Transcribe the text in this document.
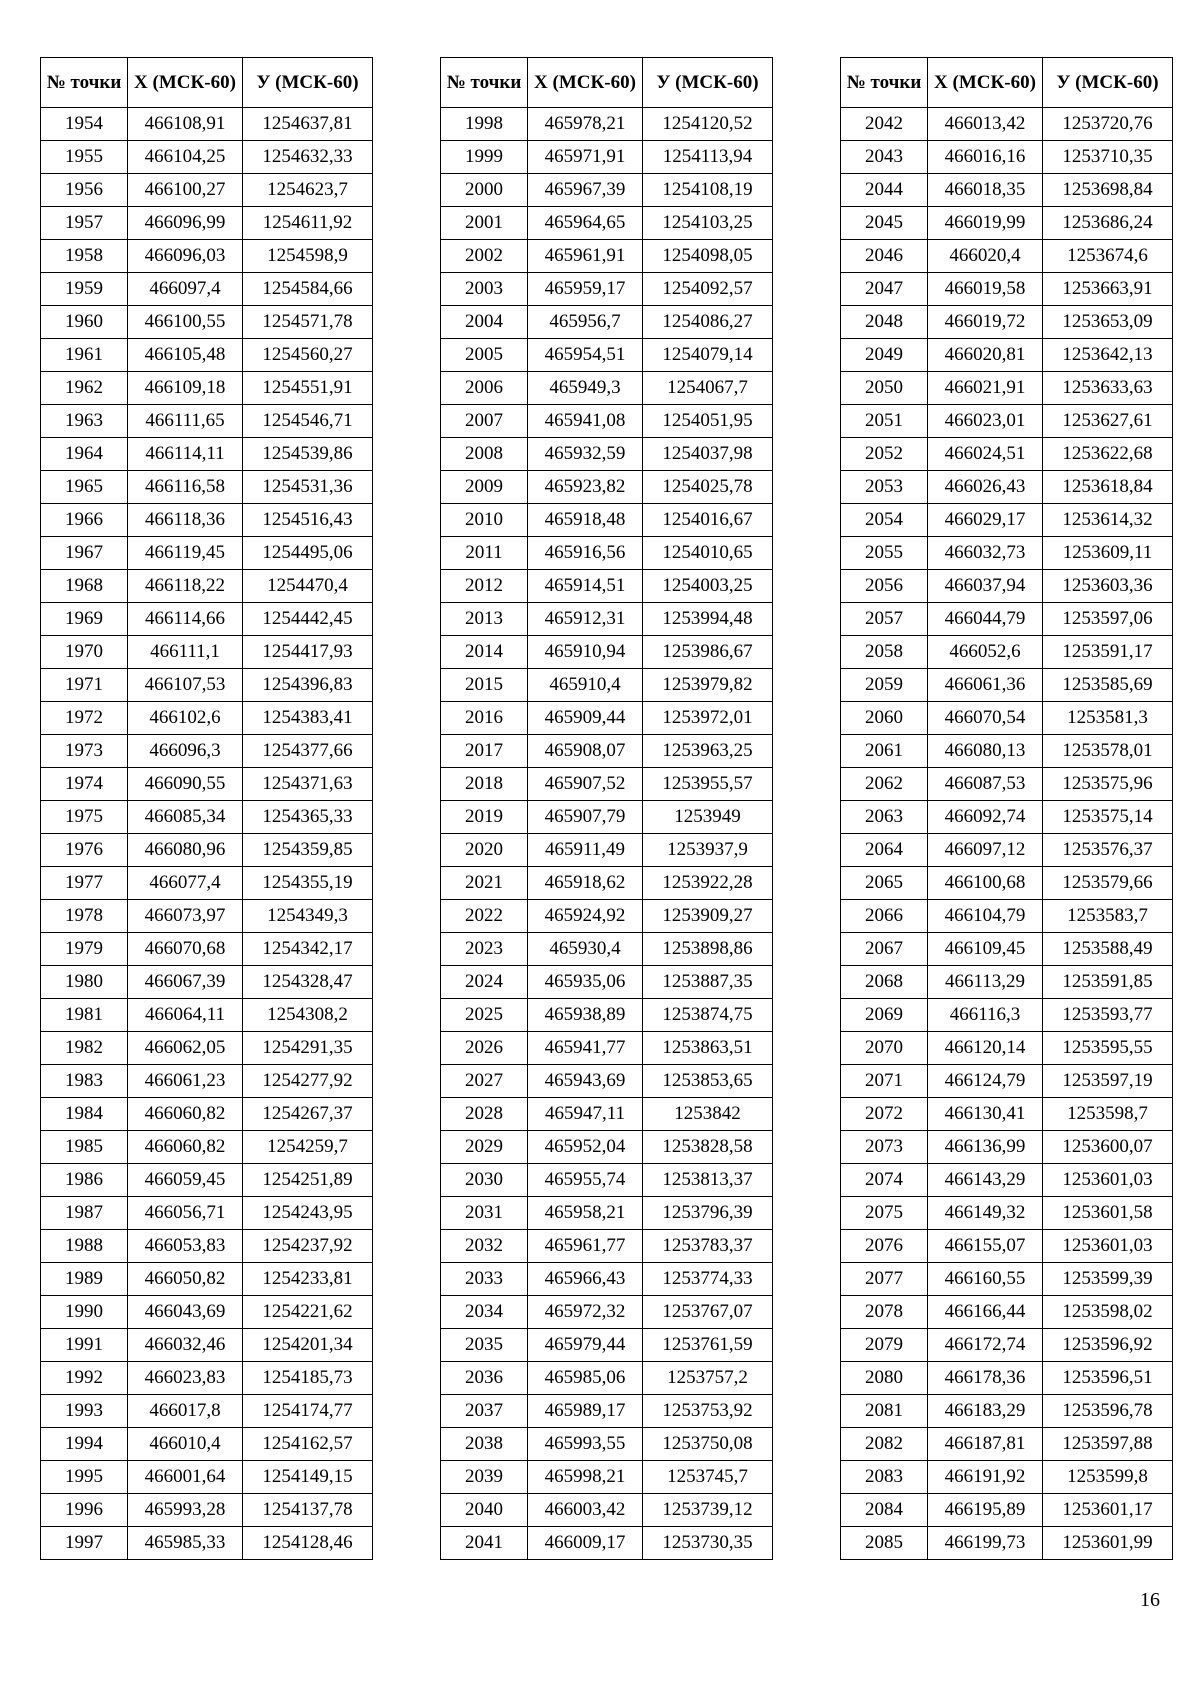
№ точки	Х (МСК-60)	У (МСК-60)
1954	466108,91	1254637,81
1955	466104,25	1254632,33
1956	466100,27	1254623,7
1957	466096,99	1254611,92
1958	466096,03	1254598,9
1959	466097,4	1254584,66
1960	466100,55	1254571,78
1961	466105,48	1254560,27
1962	466109,18	1254551,91
1963	466111,65	1254546,71
1964	466114,11	1254539,86
1965	466116,58	1254531,36
1966	466118,36	1254516,43
1967	466119,45	1254495,06
1968	466118,22	1254470,4
1969	466114,66	1254442,45
1970	466111,1	1254417,93
1971	466107,53	1254396,83
1972	466102,6	1254383,41
1973	466096,3	1254377,66
1974	466090,55	1254371,63
1975	466085,34	1254365,33
1976	466080,96	1254359,85
1977	466077,4	1254355,19
1978	466073,97	1254349,3
1979	466070,68	1254342,17
1980	466067,39	1254328,47
1981	466064,11	1254308,2
1982	466062,05	1254291,35
1983	466061,23	1254277,92
1984	466060,82	1254267,37
1985	466060,82	1254259,7
1986	466059,45	1254251,89
1987	466056,71	1254243,95
1988	466053,83	1254237,92
1989	466050,82	1254233,81
1990	466043,69	1254221,62
1991	466032,46	1254201,34
1992	466023,83	1254185,73
1993	466017,8	1254174,77
1994	466010,4	1254162,57
1995	466001,64	1254149,15
1996	465993,28	1254137,78
1997	465985,33	1254128,46
№ точки	Х (МСК-60)	У (МСК-60)
1998	465978,21	1254120,52
1999	465971,91	1254113,94
2000	465967,39	1254108,19
2001	465964,65	1254103,25
2002	465961,91	1254098,05
2003	465959,17	1254092,57
2004	465956,7	1254086,27
2005	465954,51	1254079,14
2006	465949,3	1254067,7
2007	465941,08	1254051,95
2008	465932,59	1254037,98
2009	465923,82	1254025,78
2010	465918,48	1254016,67
2011	465916,56	1254010,65
2012	465914,51	1254003,25
2013	465912,31	1253994,48
2014	465910,94	1253986,67
2015	465910,4	1253979,82
2016	465909,44	1253972,01
2017	465908,07	1253963,25
2018	465907,52	1253955,57
2019	465907,79	1253949
2020	465911,49	1253937,9
2021	465918,62	1253922,28
2022	465924,92	1253909,27
2023	465930,4	1253898,86
2024	465935,06	1253887,35
2025	465938,89	1253874,75
2026	465941,77	1253863,51
2027	465943,69	1253853,65
2028	465947,11	1253842
2029	465952,04	1253828,58
2030	465955,74	1253813,37
2031	465958,21	1253796,39
2032	465961,77	1253783,37
2033	465966,43	1253774,33
2034	465972,32	1253767,07
2035	465979,44	1253761,59
2036	465985,06	1253757,2
2037	465989,17	1253753,92
2038	465993,55	1253750,08
2039	465998,21	1253745,7
2040	466003,42	1253739,12
2041	466009,17	1253730,35
№ точки	Х (МСК-60)	У (МСК-60)
2042	466013,42	1253720,76
2043	466016,16	1253710,35
2044	466018,35	1253698,84
2045	466019,99	1253686,24
2046	466020,4	1253674,6
2047	466019,58	1253663,91
2048	466019,72	1253653,09
2049	466020,81	1253642,13
2050	466021,91	1253633,63
2051	466023,01	1253627,61
2052	466024,51	1253622,68
2053	466026,43	1253618,84
2054	466029,17	1253614,32
2055	466032,73	1253609,11
2056	466037,94	1253603,36
2057	466044,79	1253597,06
2058	466052,6	1253591,17
2059	466061,36	1253585,69
2060	466070,54	1253581,3
2061	466080,13	1253578,01
2062	466087,53	1253575,96
2063	466092,74	1253575,14
2064	466097,12	1253576,37
2065	466100,68	1253579,66
2066	466104,79	1253583,7
2067	466109,45	1253588,49
2068	466113,29	1253591,85
2069	466116,3	1253593,77
2070	466120,14	1253595,55
2071	466124,79	1253597,19
2072	466130,41	1253598,7
2073	466136,99	1253600,07
2074	466143,29	1253601,03
2075	466149,32	1253601,58
2076	466155,07	1253601,03
2077	466160,55	1253599,39
2078	466166,44	1253598,02
2079	466172,74	1253596,92
2080	466178,36	1253596,51
2081	466183,29	1253596,78
2082	466187,81	1253597,88
2083	466191,92	1253599,8
2084	466195,89	1253601,17
2085	466199,73	1253601,99
16
